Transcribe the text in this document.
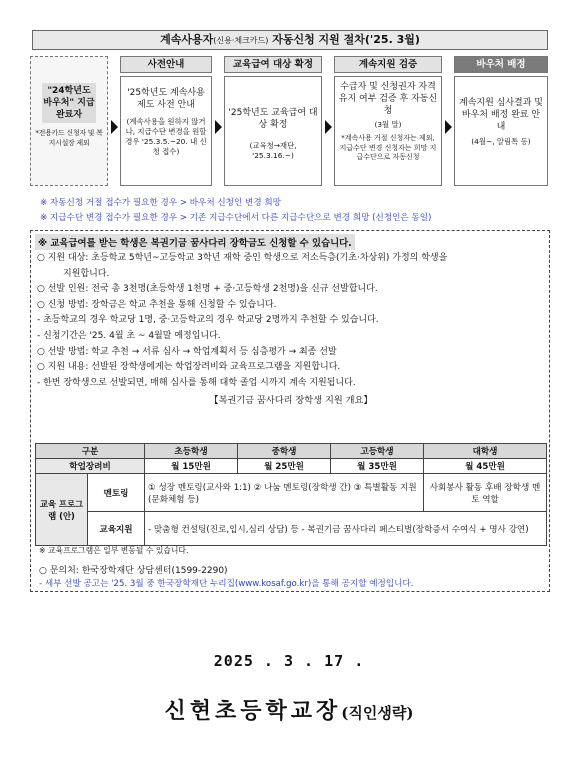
계속사용자(신용·체크카드) 자동신청 지원 절차('25. 3월)
"24학년도 바우처" 지급 완료자
*전용카드 신청자 및 복지시설장 제외
사전안내
'25학년도 계속사용제도 사전 안내
(계속사용을 원하지 않거나, 지급수단 변경을 원할 경우 '25.3.5.~20. 내 신청 접수)
교육급여 대상 확정
'25학년도 교육급여 대상 확정
(교육청→재단, '25.3.16.~)
계속지원 검증
수급자 및 신청권자 자격 유지 여부 검증 후 자동신청
(3월 말)
*계속사용 거절 신청자는 제외, 지급수단 변경 신청자는 희망 지급수단으로 자동신청
바우처 배정
계속지원 심사결과 및 바우처 배정 완료 안내
(4월~, 알림톡 등)
※ 자동신청 거절 접수가 필요한 경우 > 바우처 신청인 변경 희망
※ 지급수단 변경 접수가 필요한 경우 > 기존 지급수단에서 다른 지급수단으로 변경 희망 (신청인은 동일)
※ 교육급여를 받는 학생은 복권기금 꿈사다리 장학금도 신청할 수 있습니다.
○ 지원 대상: 초등학교 5학년~고등학교 3학년 재학 중인 학생으로 저소득층(기초·차상위) 가정의 학생을
지원합니다.
○ 선발 인원: 전국 총 3천명(초등학생 1천명 + 중·고등학생 2천명)을 신규 선발합니다.
○ 신청 방법: 장학금은 학교 추천을 통해 신청할 수 있습니다.
- 초등학교의 경우 학교당 1명, 중·고등학교의 경우 학교당 2명까지 추천할 수 있습니다.
- 신청기간은 '25. 4월 초 ~ 4월말 예정입니다.
○ 선발 방법: 학교 추천 → 서류 심사 → 학업계획서 등 심층평가 → 최종 선발
○ 지원 내용: 선발된 장학생에게는 학업장려비와 교육프로그램을 지원합니다.
- 한번 장학생으로 선발되면, 매해 심사를 통해 대학 졸업 시까지 계속 지원됩니다.
【복권기금 꿈사다리 장학생 지원 개요】
구분		초등학생	중학생	고등학생	대학생
학업장려비		월 15만원	월 25만원	월 35만원	월 45만원
교육 프로그램 (안)	멘토링	① 성장 멘토링(교사와 1:1) ② 나눔 멘토링(장학생 간) ③ 특별활동 지원(문화체험 등)			사회봉사 활동 후배 장학생 멘토 역할
	교육지원	- 맞춤형 컨설팅(진로,입시,심리 상담) 등 - 복권기금 꿈사다리 페스티벌(장학증서 수여식 + 명사 강연)			
※ 교육프로그램은 일부 변동될 수 있습니다.
○ 문의처: 한국장학재단 상담센터(1599-2290)
- 세부 선발 공고는 '25. 3월 중 한국장학재단 누리집(www.kosaf.go.kr)을 통해 공지할 예정입니다.
2025 . 3 . 17 .
신현초등학교장(직인생략)
